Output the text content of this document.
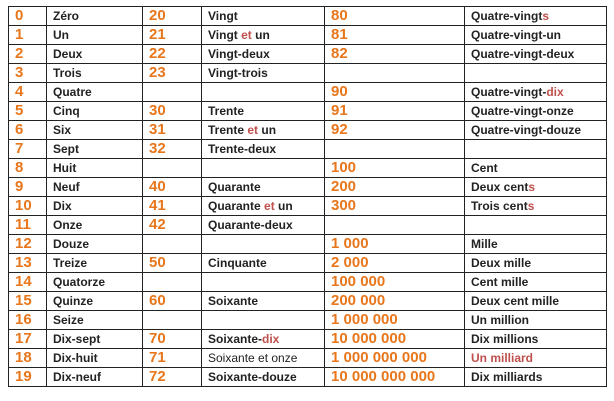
0	Zéro	20	Vingt	80	Quatre-vingts
1	Un	21	Vingt et un	81	Quatre-vingt-un
2	Deux	22	Vingt-deux	82	Quatre-vingt-deux
3	Trois	23	Vingt-trois		
4	Quatre			90	Quatre-vingt-dix
5	Cinq	30	Trente	91	Quatre-vingt-onze
6	Six	31	Trente et un	92	Quatre-vingt-douze
7	Sept	32	Trente-deux		
8	Huit			100	Cent
9	Neuf	40	Quarante	200	Deux cents
10	Dix	41	Quarante et un	300	Trois cents
11	Onze	42	Quarante-deux		
12	Douze			1 000	Mille
13	Treize	50	Cinquante	2 000	Deux mille
14	Quatorze			100 000	Cent mille
15	Quinze	60	Soixante	200 000	Deux cent mille
16	Seize			1 000 000	Un million
17	Dix-sept	70	Soixante-dix	10 000 000	Dix millions
18	Dix-huit	71	Soixante et onze	1 000 000 000	Un milliard
19	Dix-neuf	72	Soixante-douze	10 000 000 000	Dix milliards
